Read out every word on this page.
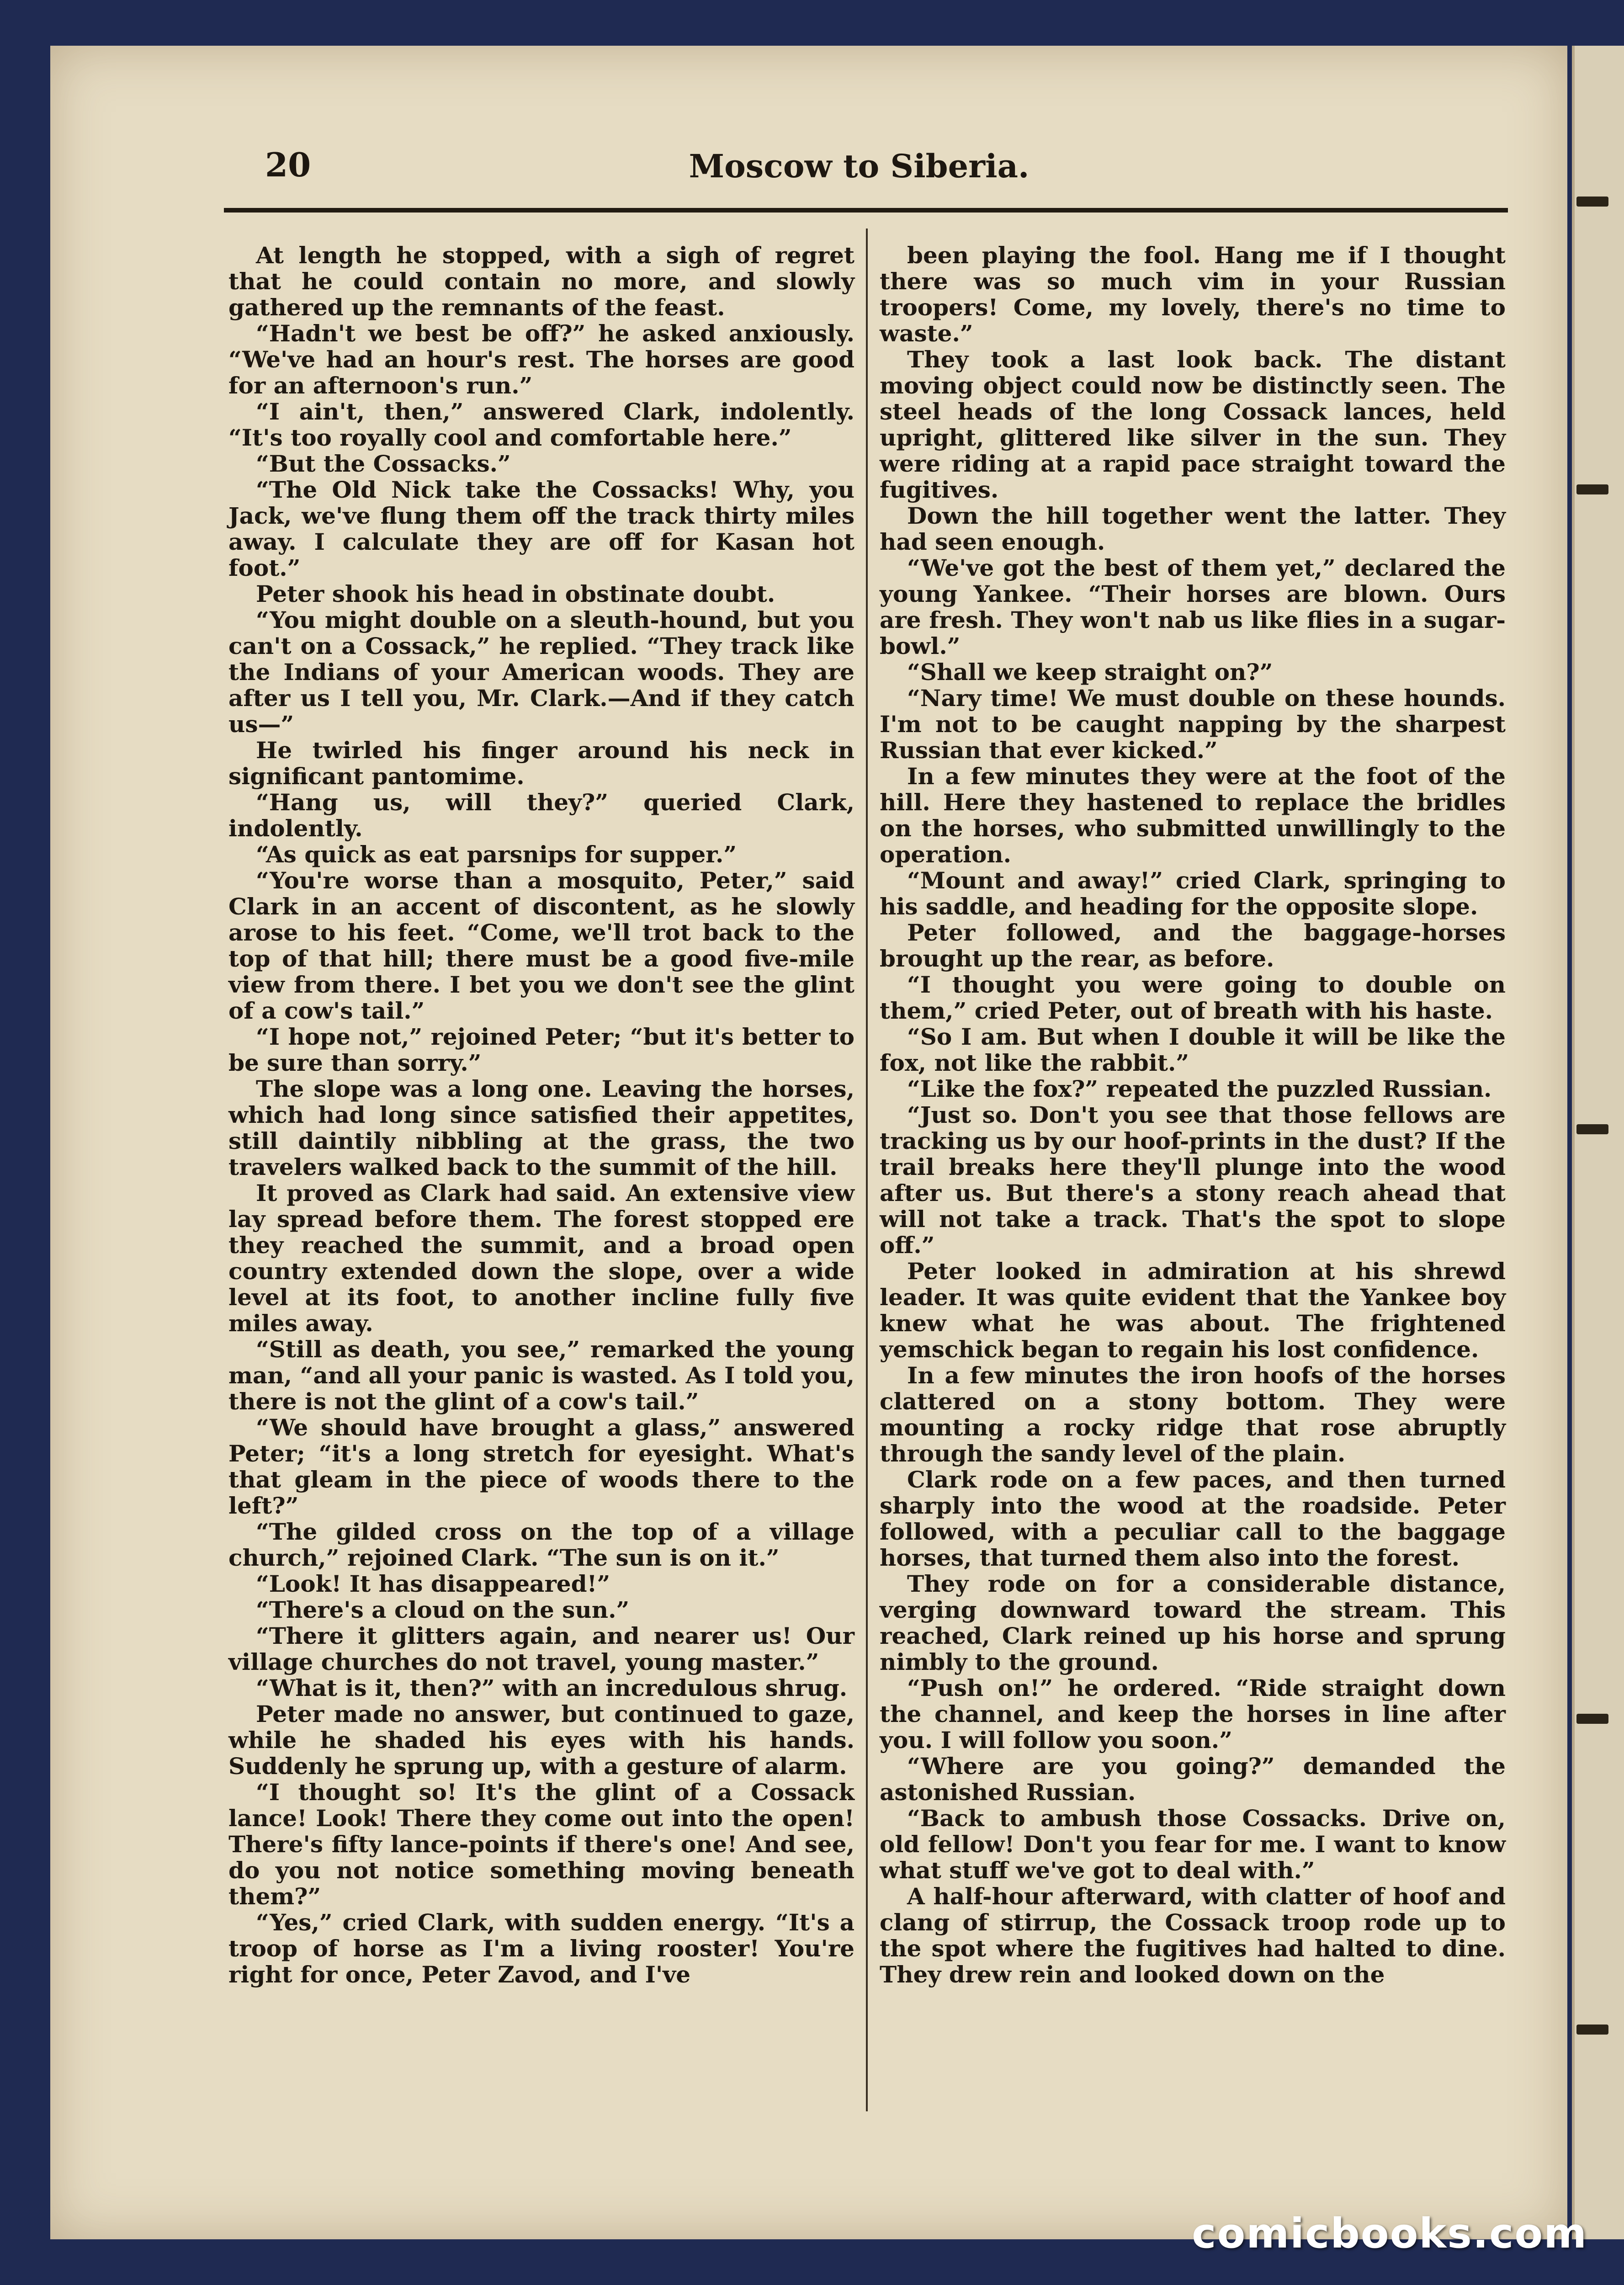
20	Moscow to Siberia.

At length he stopped, with a sigh of regret that he could contain no more, and slowly gathered up the remnants of the feast.

“Hadn't we best be off?” he asked anxiously. “We've had an hour's rest. The horses are good for an afternoon's run.”

“I ain't, then,” answered Clark, indolently. “It's too royally cool and comfortable here.”

“But the Cossacks.”

“The Old Nick take the Cossacks! Why, you Jack, we've flung them off the track thirty miles away. I calculate they are off for Kasan hot foot.”

Peter shook his head in obstinate doubt.

“You might double on a sleuth-hound, but you can't on a Cossack,” he replied. “They track like the Indians of your American woods. They are after us I tell you, Mr. Clark.—And if they catch us—”

He twirled his finger around his neck in significant pantomime.

“Hang us, will they?” queried Clark, indolently.

“As quick as eat parsnips for supper.”

“You're worse than a mosquito, Peter,” said Clark in an accent of discontent, as he slowly arose to his feet. “Come, we'll trot back to the top of that hill; there must be a good five-mile view from there. I bet you we don't see the glint of a cow's tail.”

“I hope not,” rejoined Peter; “but it's better to be sure than sorry.”

The slope was a long one. Leaving the horses, which had long since satisfied their appetites, still daintily nibbling at the grass, the two travelers walked back to the summit of the hill.

It proved as Clark had said. An extensive view lay spread before them. The forest stopped ere they reached the summit, and a broad open country extended down the slope, over a wide level at its foot, to another incline fully five miles away.

“Still as death, you see,” remarked the young man, “and all your panic is wasted. As I told you, there is not the glint of a cow's tail.”

“We should have brought a glass,” answered Peter; “it's a long stretch for eyesight. What's that gleam in the piece of woods there to the left?”

“The gilded cross on the top of a village church,” rejoined Clark. “The sun is on it.”

“Look! It has disappeared!”

“There's a cloud on the sun.”

“There it glitters again, and nearer us! Our village churches do not travel, young master.”

“What is it, then?” with an incredulous shrug.

Peter made no answer, but continued to gaze, while he shaded his eyes with his hands. Suddenly he sprung up, with a gesture of alarm.

“I thought so! It's the glint of a Cossack lance! Look! There they come out into the open! There's fifty lance-points if there's one! And see, do you not notice something moving beneath them?”

“Yes,” cried Clark, with sudden energy. “It's a troop of horse as I'm a living rooster! You're right for once, Peter Zavod, and I've

been playing the fool. Hang me if I thought there was so much vim in your Russian troopers! Come, my lovely, there's no time to waste.”

They took a last look back. The distant moving object could now be distinctly seen. The steel heads of the long Cossack lances, held upright, glittered like silver in the sun. They were riding at a rapid pace straight toward the fugitives.

Down the hill together went the latter. They had seen enough.

“We've got the best of them yet,” declared the young Yankee. “Their horses are blown. Ours are fresh. They won't nab us like flies in a sugar-bowl.”

“Shall we keep straight on?”

“Nary time! We must double on these hounds. I'm not to be caught napping by the sharpest Russian that ever kicked.”

In a few minutes they were at the foot of the hill. Here they hastened to replace the bridles on the horses, who submitted unwillingly to the operation.

“Mount and away!” cried Clark, springing to his saddle, and heading for the opposite slope.

Peter followed, and the baggage-horses brought up the rear, as before.

“I thought you were going to double on them,” cried Peter, out of breath with his haste.

“So I am. But when I double it will be like the fox, not like the rabbit.”

“Like the fox?” repeated the puzzled Russian.

“Just so. Don't you see that those fellows are tracking us by our hoof-prints in the dust? If the trail breaks here they'll plunge into the wood after us. But there's a stony reach ahead that will not take a track. That's the spot to slope off.”

Peter looked in admiration at his shrewd leader. It was quite evident that the Yankee boy knew what he was about. The frightened yemschick began to regain his lost confidence.

In a few minutes the iron hoofs of the horses clattered on a stony bottom. They were mounting a rocky ridge that rose abruptly through the sandy level of the plain.

Clark rode on a few paces, and then turned sharply into the wood at the roadside. Peter followed, with a peculiar call to the baggage horses, that turned them also into the forest.

They rode on for a considerable distance, verging downward toward the stream. This reached, Clark reined up his horse and sprung nimbly to the ground.

“Push on!” he ordered. “Ride straight down the channel, and keep the horses in line after you. I will follow you soon.”

“Where are you going?” demanded the astonished Russian.

“Back to ambush those Cossacks. Drive on, old fellow! Don't you fear for me. I want to know what stuff we've got to deal with.”

A half-hour afterward, with clatter of hoof and clang of stirrup, the Cossack troop rode up to the spot where the fugitives had halted to dine. They drew rein and looked down on the

comicbooks.com
